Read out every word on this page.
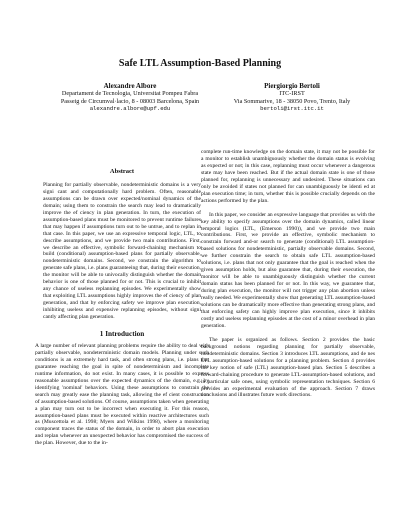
Safe LTL Assumption-Based Planning
Alexandre Albore
Departament de Tecnologia, Universitat Pompeu Fabra
Passeig de Circumval·lacio, 8 - 08003 Barcelona, Spain
alexandre.albore@upf.edu
Piergiorgio Bertoli
ITC-IRST
Via Sommarive, 18 - 38050 Povo, Trento, Italy
bertoli@irst.itc.it
Abstract

Planning for partially observable, nondeterministic domains is a very signi cant and computationally hard problem. Often, reasonable assumptions can be drawn over expected/nominal dynamics of the domain; using them to constrain the search may lead to dramatically improve the ef ciency in plan generation. In turn, the execution of assumption-based plans must be monitored to prevent runtime failures that may happen if assumptions turn out to be untrue, and to replan in that case. In this paper, we use an expressive temporal logic, LTL, to describe assumptions, and we provide two main contributions. First, we describe an effective, symbolic forward-chaining mechanism to build (conditional) assumption-based plans for partially observable, nondeterministic domains. Second, we constrain the algorithm to generate safe plans, i.e. plans guaranteeing that, during their execution, the monitor will be able to univocally distinguish whether the domain behavior is one of those planned for or not. This is crucial to inhibit any chance of useless replanning episodes. We experimentally show that exploiting LTL assumptions highly improves the ef ciency of plan generation, and that by enforcing safety we improve plan execution, inhibiting useless and expensive replanning episodes, without signi cantly affecting plan generation.

1 Introduction

A large number of relevant planning problems require the ability to deal with partially observable, nondeterministic domain models. Planning under such conditions is an extremely hard task, and often strong plans, i.e. plans that guarantee reaching the goal in spite of nondeterminism and incomplete runtime information, do not exist. In many cases, it is possible to express reasonable assumptions over the expected dynamics of the domain, e.g. by identifying 'nominal' behaviors. Using these assumptions to constrain the search may greatly ease the planning task, allowing the ef cient construction of assumption-based solutions. Of course, assumptions taken when generating a plan may turn out to be incorrect when executing it. For this reason, assumption-based plans must be executed within reactive architectures such as (Muscettola et al. 1998; Myers and Wilkins 1998), where a monitoring component traces the status of the domain, in order to abort plan execution and replan whenever an unexpected behavior has compromised the success of the plan. However, due to the in-

complete run-time knowledge on the domain state, it may not be possible for a monitor to establish unambiguously whether the domain status is evolving as expected or not; in this case, replanning must occur whenever a dangerous state may have been reached. But if the actual domain state is one of those planned for, replanning is unnecessary and undesired. These situations can only be avoided if states not planned for can unambiguously be identi ed at plan execution time; in turn, whether this is possible crucially depends on the actions performed by the plan.

In this paper, we consider an expressive language that provides us with the key ability to specify assumptions over the domain dynamics, called linear temporal logics (LTL, (Emerson 1990)), and we provide two main contributions. First, we provide an effective, symbolic mechanism to constrain forward and-or search to generate (conditional) LTL assumption-based solutions for nondeterministic, partially observable domains. Second, we further constrain the search to obtain safe LTL assumption-based solutions, i.e. plans that not only guarantee that the goal is reached when the given assumption holds, but also guarantee that, during their execution, the monitor will be able to unambiguously distinguish whether the current domain status has been planned for or not. In this way, we guarantee that, during plan execution, the monitor will not trigger any plan abortion unless really needed. We experimentally show that generating LTL assumption-based solutions can be dramatically more effective than generating strong plans, and that enforcing safety can highly improve plan execution, since it inhibits costly and useless replanning episodes at the cost of a minor overhead in plan generation.

The paper is organized as follows. Section 2 provides the basic background notions regarding planning for partially observable, nondeterministic domains. Section 3 introduces LTL assumptions, and de nes LTL assumption-based solutions for a planning problem. Section 4 provides the key notion of safe (LTL) assumption-based plan. Section 5 describes a forward-chaining procedure to generate LTL-assumption-based solutions, and in particular safe ones, using symbolic representation techniques. Section 6 provides an experimental evaluation of the approach. Section 7 draws conclusions and illustrates future work directions.
